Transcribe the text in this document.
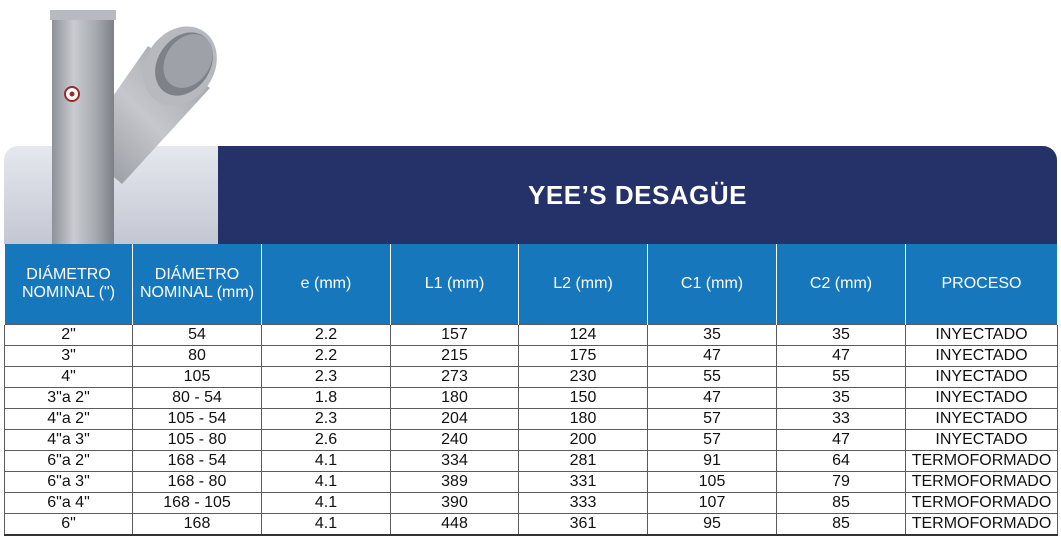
YEE’S DESAGÜE
DIÁMETRO NOMINAL (")	DIÁMETRO NOMINAL (mm)	e (mm)	L1 (mm)	L2 (mm)	C1 (mm)	C2 (mm)	PROCESO
2"	54	2.2	157	124	35	35	INYECTADO
3"	80	2.2	215	175	47	47	INYECTADO
4"	105	2.3	273	230	55	55	INYECTADO
3"a 2"	80 - 54	1.8	180	150	47	35	INYECTADO
4"a 2"	105 - 54	2.3	204	180	57	33	INYECTADO
4"a 3"	105 - 80	2.6	240	200	57	47	INYECTADO
6"a 2"	168 - 54	4.1	334	281	91	64	TERMOFORMADO
6"a 3"	168 - 80	4.1	389	331	105	79	TERMOFORMADO
6"a 4"	168 - 105	4.1	390	333	107	85	TERMOFORMADO
6"	168	4.1	448	361	95	85	TERMOFORMADO
